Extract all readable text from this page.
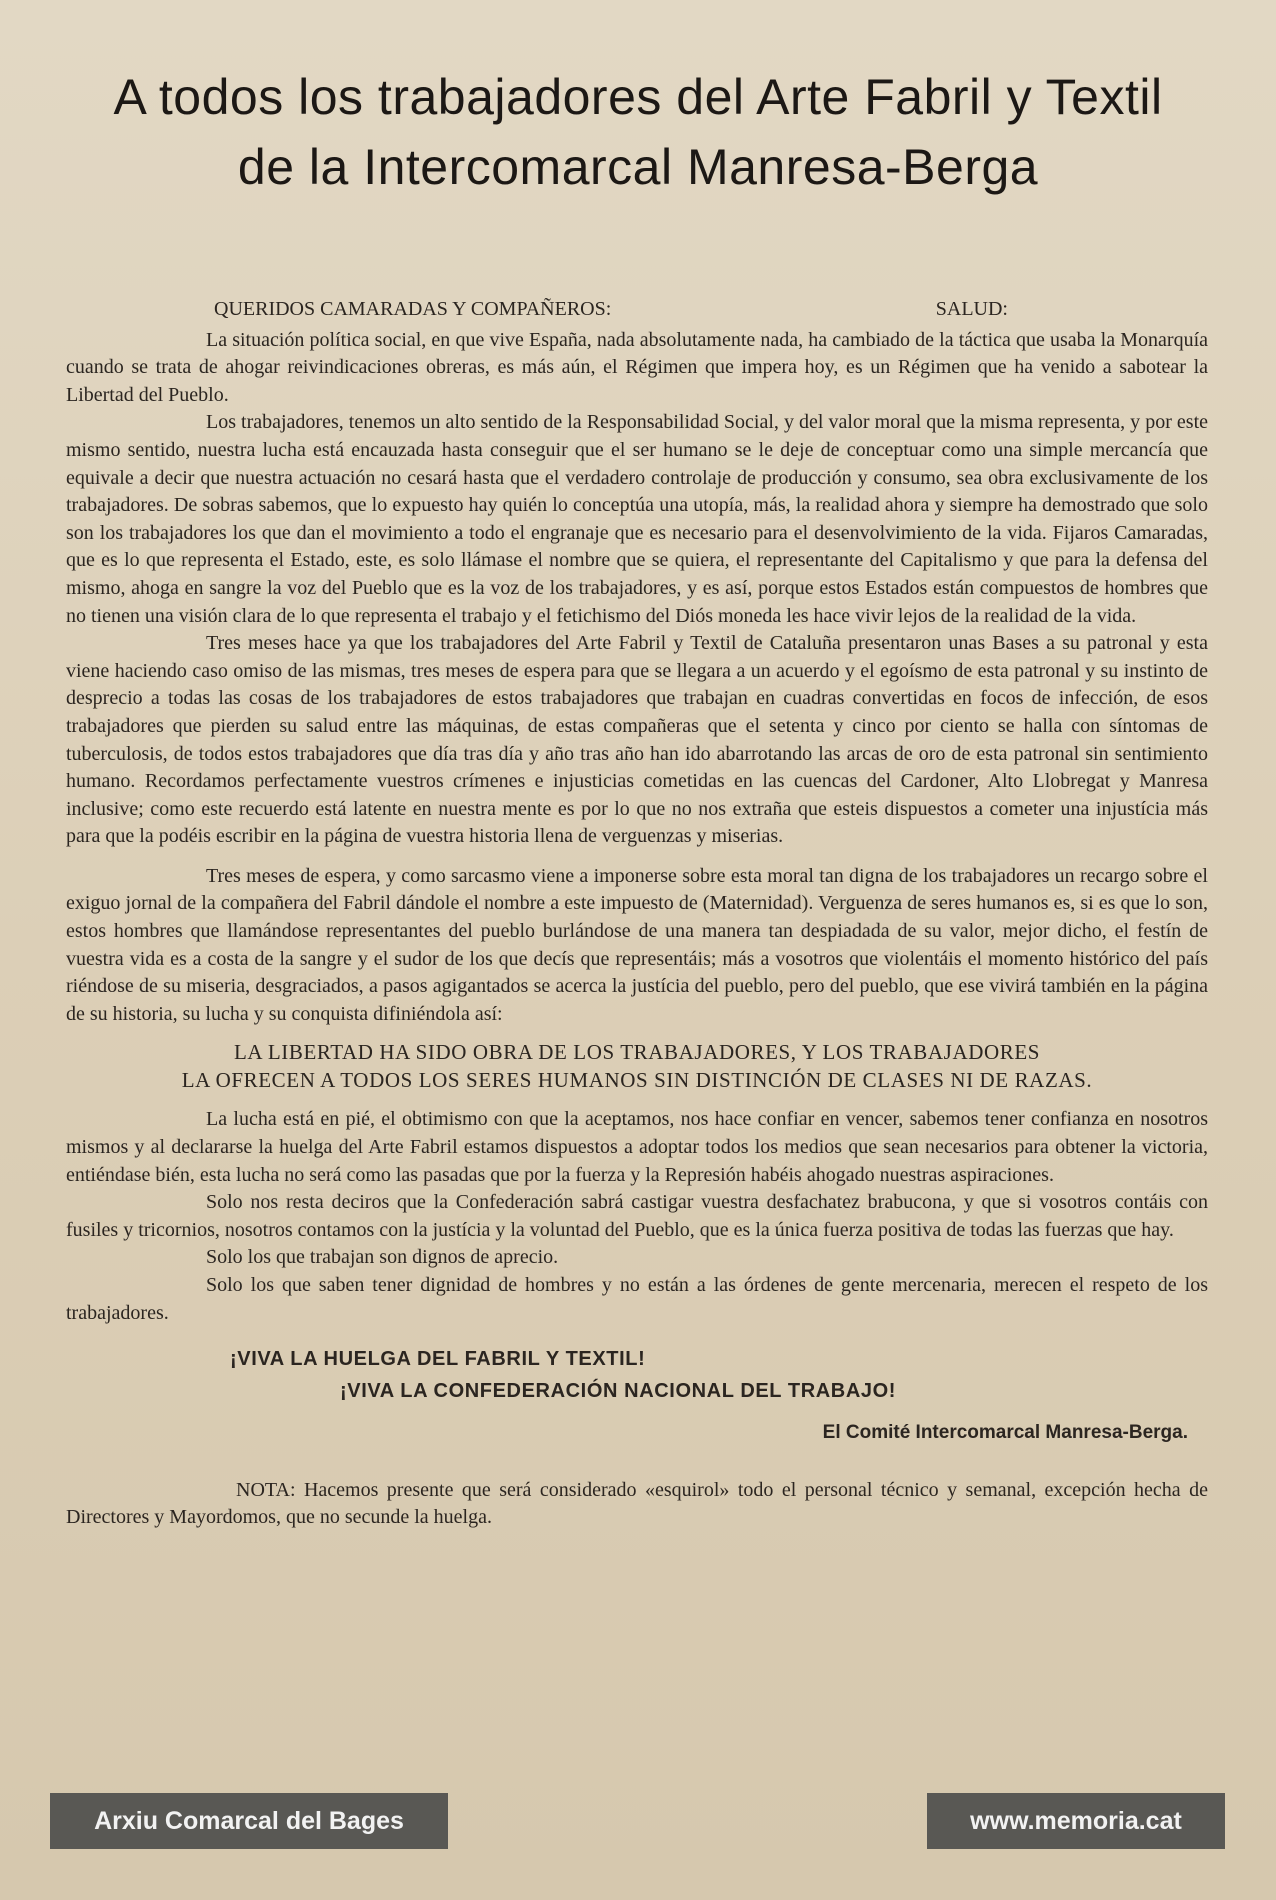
A todos los trabajadores del Arte Fabril y Textil
de la Intercomarcal Manresa-Berga
QUERIDOS CAMARADAS Y COMPAÑEROS:	SALUD:

La situación política social, en que vive España, nada absolutamente nada, ha cambiado de la táctica que usaba la Monarquía cuando se trata de ahogar reivindicaciones obreras, es más aún, el Régimen que impera hoy, es un Régimen que ha venido a sabotear la Libertad del Pueblo.

Los trabajadores, tenemos un alto sentido de la Responsabilidad Social, y del valor moral que la misma representa, y por este mismo sentido, nuestra lucha está encauzada hasta conseguir que el ser humano se le deje de conceptuar como una simple mercancía que equivale a decir que nuestra actuación no cesará hasta que el verdadero controlaje de producción y consumo, sea obra exclusivamente de los trabajadores. De sobras sabemos, que lo expuesto hay quién lo conceptúa una utopía, más, la realidad ahora y siempre ha demostrado que solo son los trabajadores los que dan el movimiento a todo el engranaje que es necesario para el desenvolvimiento de la vida. Fijaros Camaradas, que es lo que representa el Estado, este, es solo llámase el nombre que se quiera, el representante del Capitalismo y que para la defensa del mismo, ahoga en sangre la voz del Pueblo que es la voz de los trabajadores, y es así, porque estos Estados están compuestos de hombres que no tienen una visión clara de lo que representa el trabajo y el fetichismo del Diós moneda les hace vivir lejos de la realidad de la vida.

Tres meses hace ya que los trabajadores del Arte Fabril y Textil de Cataluña presentaron unas Bases a su patronal y esta viene haciendo caso omiso de las mismas, tres meses de espera para que se llegara a un acuerdo y el egoísmo de esta patronal y su instinto de desprecio a todas las cosas de los trabajadores de estos trabajadores que trabajan en cuadras convertidas en focos de infección, de esos trabajadores que pierden su salud entre las máquinas, de estas compañeras que el setenta y cinco por ciento se halla con síntomas de tuberculosis, de todos estos trabajadores que día tras día y año tras año han ido abarrotando las arcas de oro de esta patronal sin sentimiento humano. Recordamos perfectamente vuestros crímenes e injusticias cometidas en las cuencas del Cardoner, Alto Llobregat y Manresa inclusive; como este recuerdo está latente en nuestra mente es por lo que no nos extraña que esteis dispuestos a cometer una injustícia más para que la podéis escribir en la página de vuestra historia llena de verguenzas y miserias.

Tres meses de espera, y como sarcasmo viene a imponerse sobre esta moral tan digna de los trabajadores un recargo sobre el exiguo jornal de la compañera del Fabril dándole el nombre a este impuesto de (Maternidad). Verguenza de seres humanos es, si es que lo son, estos hombres que llamándose representantes del pueblo burlándose de una manera tan despiadada de su valor, mejor dicho, el festín de vuestra vida es a costa de la sangre y el sudor de los que decís que representáis; más a vosotros que violentáis el momento histórico del país riéndose de su miseria, desgraciados, a pasos agigantados se acerca la justícia del pueblo, pero del pueblo, que ese vivirá también en la página de su historia, su lucha y su conquista difiniéndola así:

LA LIBERTAD HA SIDO OBRA DE LOS TRABAJADORES, Y LOS TRABAJADORES
LA OFRECEN A TODOS LOS SERES HUMANOS SIN DISTINCIÓN DE CLASES NI DE RAZAS.

La lucha está en pié, el obtimismo con que la aceptamos, nos hace confiar en vencer, sabemos tener confianza en nosotros mismos y al declararse la huelga del Arte Fabril estamos dispuestos a adoptar todos los medios que sean necesarios para obtener la victoria, entiéndase bién, esta lucha no será como las pasadas que por la fuerza y la Represión habéis ahogado nuestras aspiraciones.

Solo nos resta deciros que la Confederación sabrá castigar vuestra desfachatez brabucona, y que si vosotros contáis con fusiles y tricornios, nosotros contamos con la justícia y la voluntad del Pueblo, que es la única fuerza positiva de todas las fuerzas que hay.

Solo los que trabajan son dignos de aprecio.

Solo los que saben tener dignidad de hombres y no están a las órdenes de gente mercenaria, merecen el respeto de los trabajadores.

¡VIVA LA HUELGA DEL FABRIL Y TEXTIL!
¡VIVA LA CONFEDERACIÓN NACIONAL DEL TRABAJO!
El Comité Intercomarcal Manresa-Berga.

NOTA: Hacemos presente que será considerado «esquirol» todo el personal técnico y semanal, excepción hecha de Directores y Mayordomos, que no secunde la huelga.

Arxiu Comarcal del Bages	www.memoria.cat
